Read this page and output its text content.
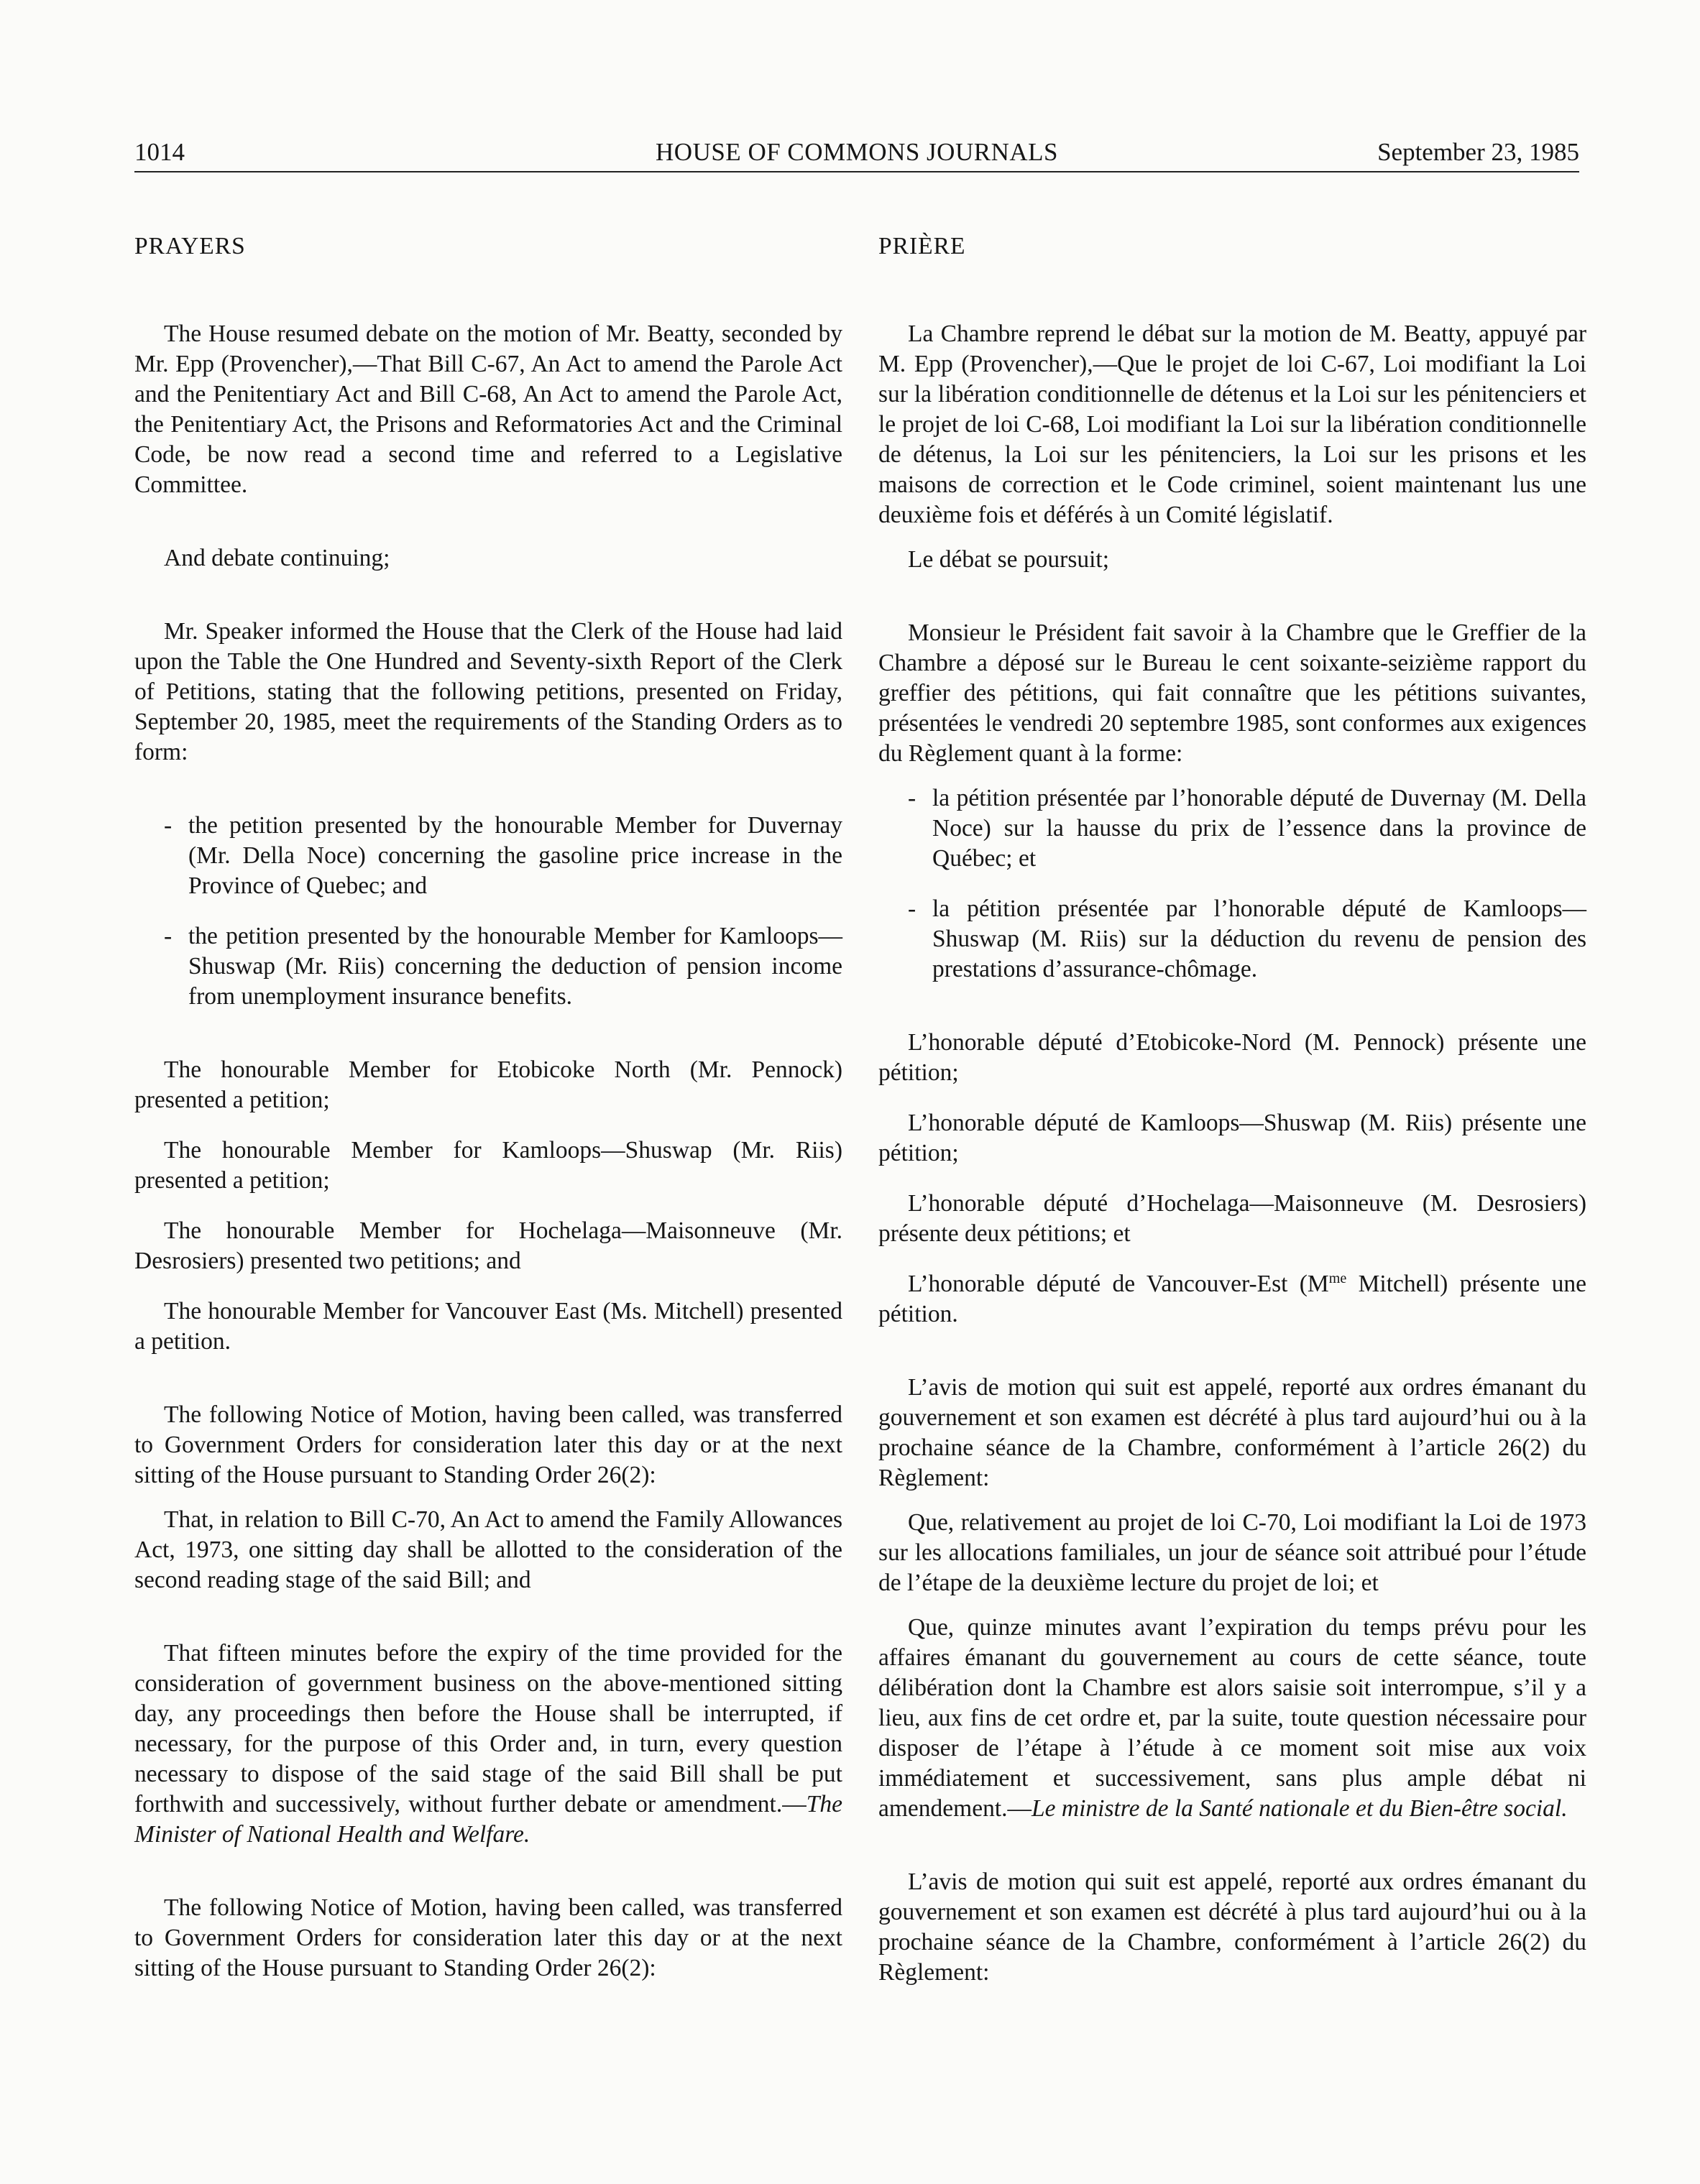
1014	HOUSE OF COMMONS JOURNALS	September 23, 1985

PRAYERS

The House resumed debate on the motion of Mr. Beatty, seconded by Mr. Epp (Provencher),—That Bill C-67, An Act to amend the Parole Act and the Penitentiary Act and Bill C-68, An Act to amend the Parole Act, the Penitentiary Act, the Prisons and Reformatories Act and the Criminal Code, be now read a second time and referred to a Legislative Committee.

And debate continuing;

Mr. Speaker informed the House that the Clerk of the House had laid upon the Table the One Hundred and Seventy-sixth Report of the Clerk of Petitions, stating that the following petitions, presented on Friday, September 20, 1985, meet the requirements of the Standing Orders as to form:

- the petition presented by the honourable Member for Duvernay (Mr. Della Noce) concerning the gasoline price increase in the Province of Quebec; and
- the petition presented by the honourable Member for Kamloops—Shuswap (Mr. Riis) concerning the deduction of pension income from unemployment insurance benefits.

The honourable Member for Etobicoke North (Mr. Pennock) presented a petition;

The honourable Member for Kamloops—Shuswap (Mr. Riis) presented a petition;

The honourable Member for Hochelaga—Maisonneuve (Mr. Desrosiers) presented two petitions; and

The honourable Member for Vancouver East (Ms. Mitchell) presented a petition.

The following Notice of Motion, having been called, was transferred to Government Orders for consideration later this day or at the next sitting of the House pursuant to Standing Order 26(2):

That, in relation to Bill C-70, An Act to amend the Family Allowances Act, 1973, one sitting day shall be allotted to the consideration of the second reading stage of the said Bill; and

That fifteen minutes before the expiry of the time provided for the consideration of government business on the above-mentioned sitting day, any proceedings then before the House shall be interrupted, if necessary, for the purpose of this Order and, in turn, every question necessary to dispose of the said stage of the said Bill shall be put forthwith and successively, without further debate or amendment.—The Minister of National Health and Welfare.

The following Notice of Motion, having been called, was transferred to Government Orders for consideration later this day or at the next sitting of the House pursuant to Standing Order 26(2):

PRIÈRE

La Chambre reprend le débat sur la motion de M. Beatty, appuyé par M. Epp (Provencher),—Que le projet de loi C-67, Loi modifiant la Loi sur la libération conditionnelle de détenus et la Loi sur les pénitenciers et le projet de loi C-68, Loi modifiant la Loi sur la libération conditionnelle de détenus, la Loi sur les pénitenciers, la Loi sur les prisons et les maisons de correction et le Code criminel, soient maintenant lus une deuxième fois et déférés à un Comité législatif.

Le débat se poursuit;

Monsieur le Président fait savoir à la Chambre que le Greffier de la Chambre a déposé sur le Bureau le cent soixante-seizième rapport du greffier des pétitions, qui fait connaître que les pétitions suivantes, présentées le vendredi 20 septembre 1985, sont conformes aux exigences du Règlement quant à la forme:

- la pétition présentée par l’honorable député de Duvernay (M. Della Noce) sur la hausse du prix de l’essence dans la province de Québec; et
- la pétition présentée par l’honorable député de Kamloops—Shuswap (M. Riis) sur la déduction du revenu de pension des prestations d’assurance-chômage.

L’honorable député d’Etobicoke-Nord (M. Pennock) présente une pétition;

L’honorable député de Kamloops—Shuswap (M. Riis) présente une pétition;

L’honorable député d’Hochelaga—Maisonneuve (M. Desrosiers) présente deux pétitions; et

L’honorable député de Vancouver-Est ($M^{me}$ Mitchell) présente une pétition.

L’avis de motion qui suit est appelé, reporté aux ordres émanant du gouvernement et son examen est décrété à plus tard aujourd’hui ou à la prochaine séance de la Chambre, conformément à l’article 26(2) du Règlement:

Que, relativement au projet de loi C-70, Loi modifiant la Loi de 1973 sur les allocations familiales, un jour de séance soit attribué pour l’étude de l’étape de la deuxième lecture du projet de loi; et

Que, quinze minutes avant l’expiration du temps prévu pour les affaires émanant du gouvernement au cours de cette séance, toute délibération dont la Chambre est alors saisie soit interrompue, s’il y a lieu, aux fins de cet ordre et, par la suite, toute question nécessaire pour disposer de l’étape à l’étude à ce moment soit mise aux voix immédiatement et successivement, sans plus ample débat ni amendement.—Le ministre de la Santé nationale et du Bien-être social.

L’avis de motion qui suit est appelé, reporté aux ordres émanant du gouvernement et son examen est décrété à plus tard aujourd’hui ou à la prochaine séance de la Chambre, conformément à l’article 26(2) du Règlement:
